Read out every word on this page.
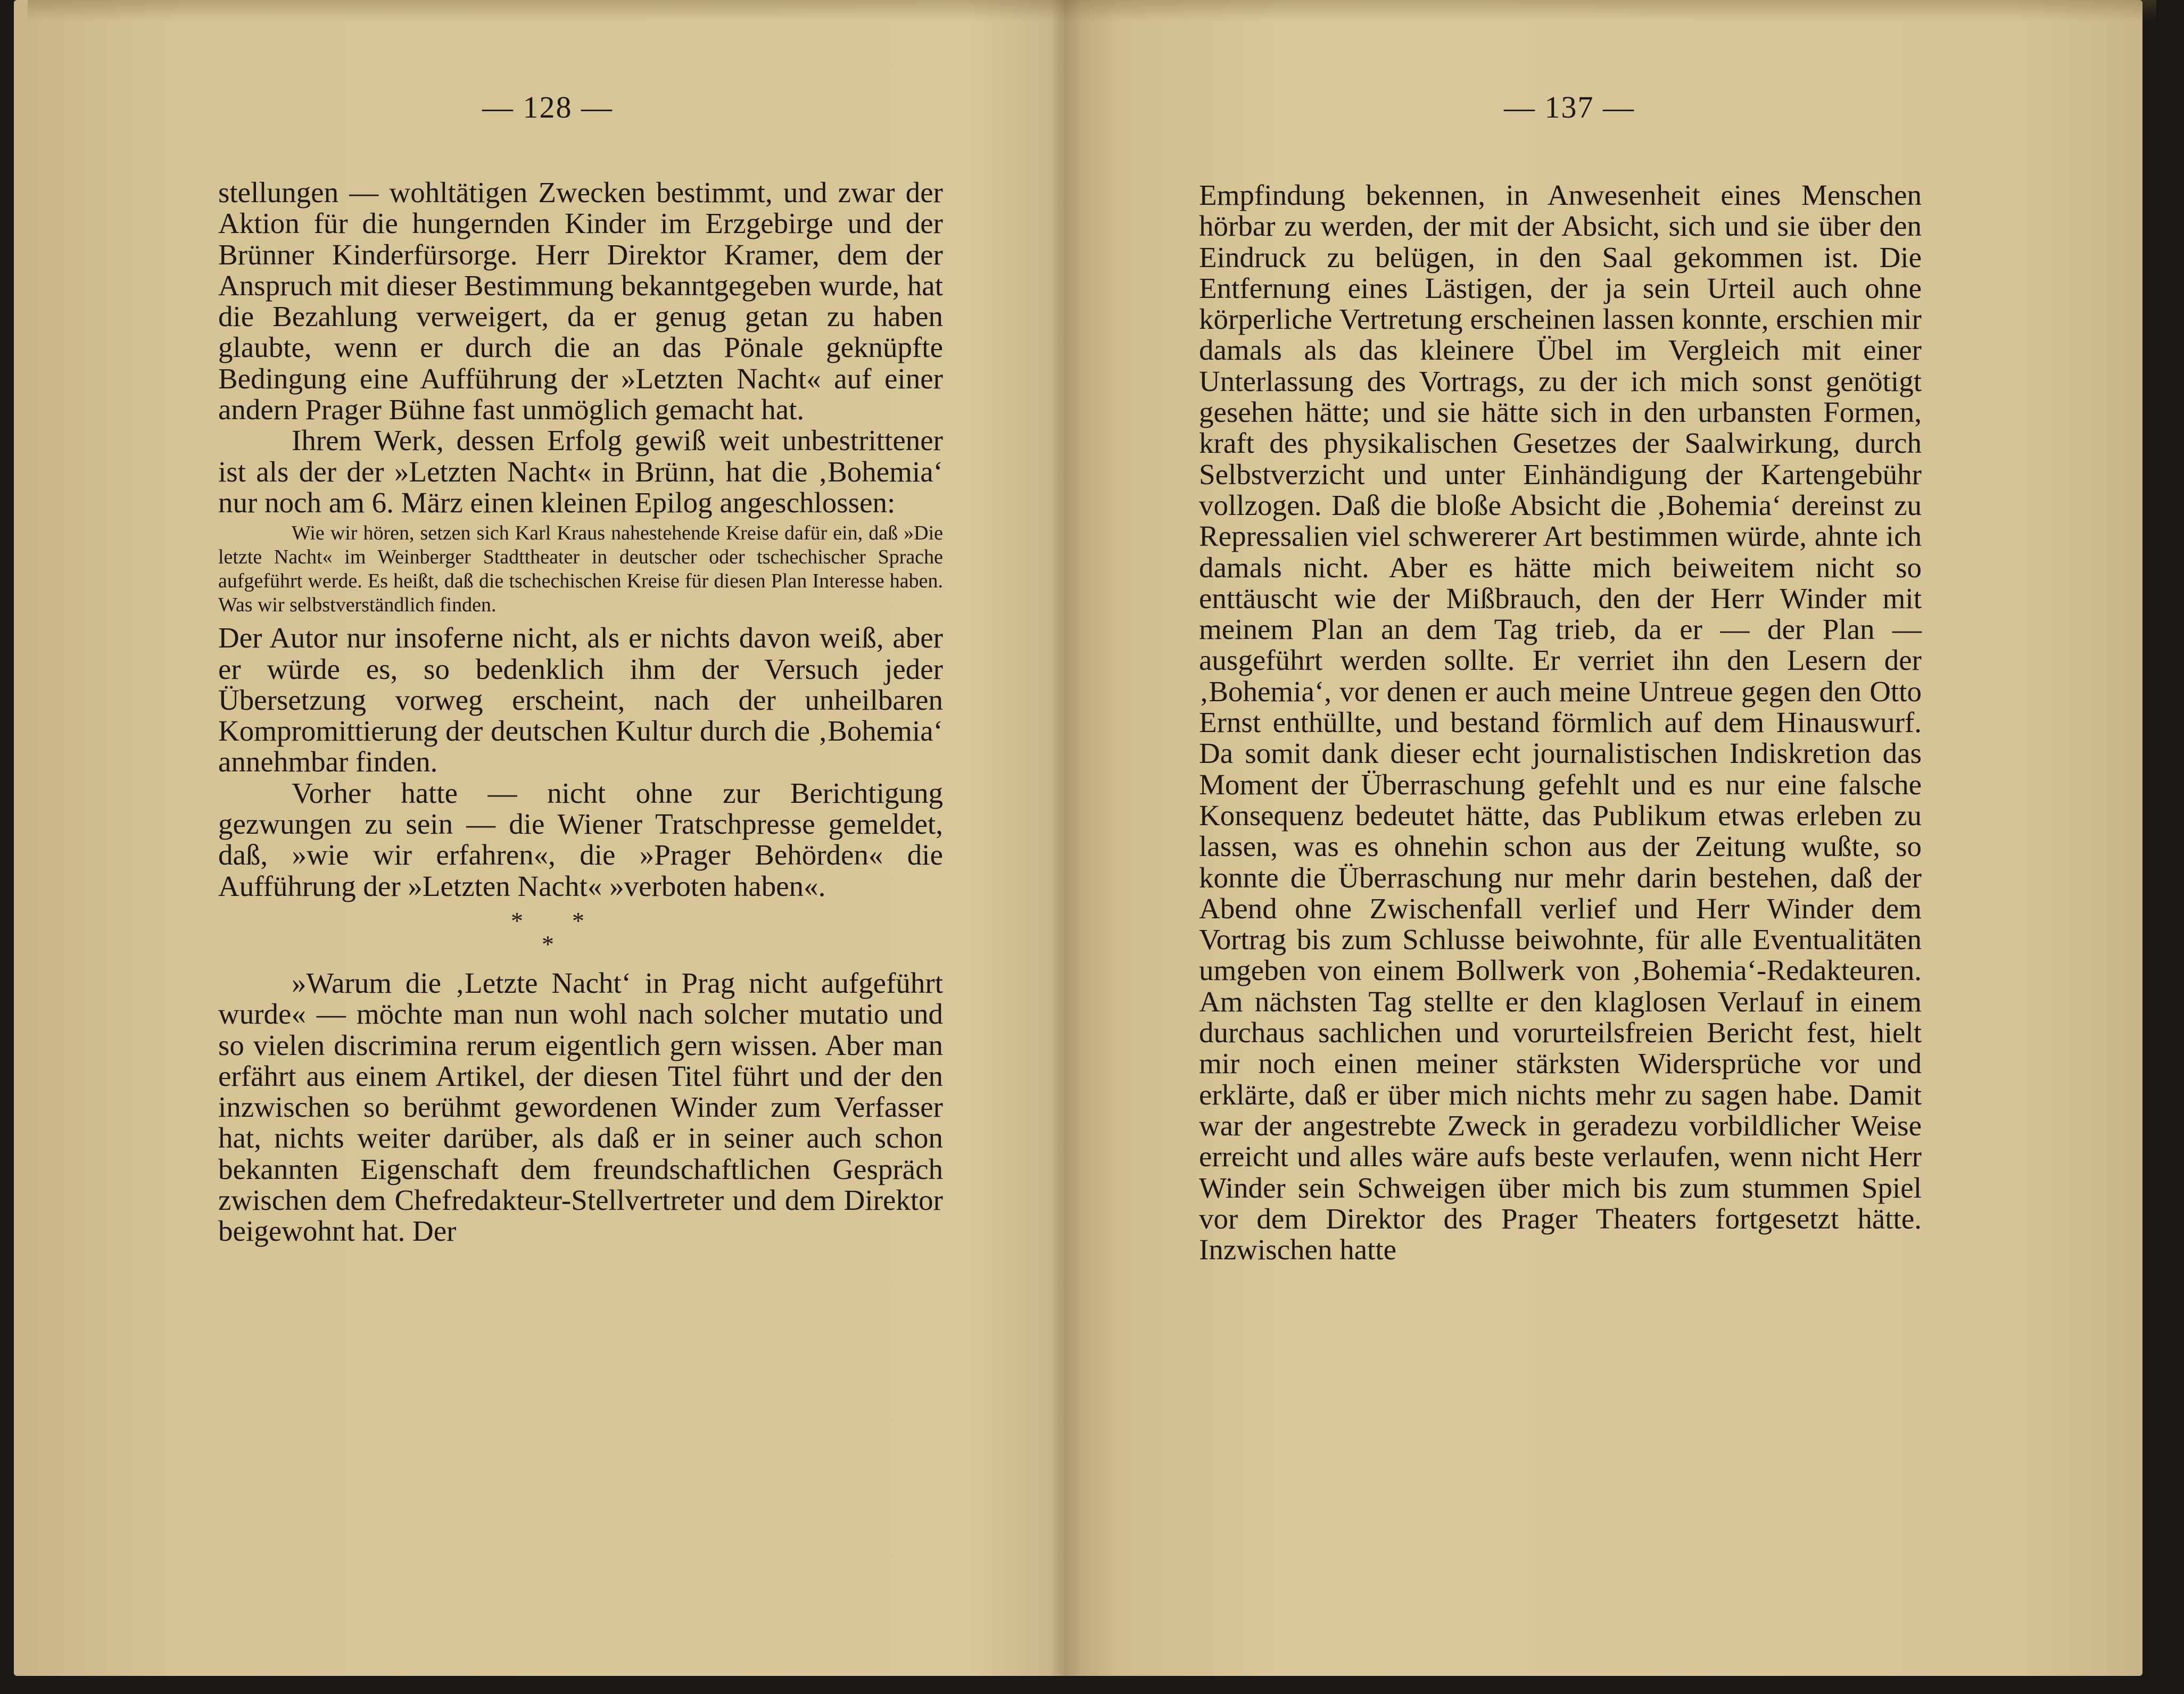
— 128 —

stellungen — wohltätigen Zwecken bestimmt, und zwar der Aktion für die hungernden Kinder im Erzgebirge und der Brünner Kinderfürsorge. Herr Direktor Kramer, dem der Anspruch mit dieser Bestimmung bekanntgegeben wurde, hat die Bezahlung verweigert, da er genug getan zu haben glaubte, wenn er durch die an das Pönale geknüpfte Bedingung eine Aufführung der »Letzten Nacht« auf einer andern Prager Bühne fast unmöglich gemacht hat.

Ihrem Werk, dessen Erfolg gewiß weit unbestrittener ist als der der »Letzten Nacht« in Brünn, hat die ‚Bohemia‘ nur noch am 6. März einen kleinen Epilog angeschlossen:

Wie wir hören, setzen sich Karl Kraus nahestehende Kreise dafür ein, daß »Die letzte Nacht« im Weinberger Stadttheater in deutscher oder tschechischer Sprache aufgeführt werde. Es heißt, daß die tschechischen Kreise für diesen Plan Interesse haben. Was wir selbstverständlich finden.

Der Autor nur insoferne nicht, als er nichts davon weiß, aber er würde es, so bedenklich ihm der Versuch jeder Übersetzung vorweg erscheint, nach der unheilbaren Kompromittierung der deutschen Kultur durch die ‚Bohemia‘ annehmbar finden.

Vorher hatte — nicht ohne zur Berichtigung gezwungen zu sein — die Wiener Tratschpresse gemeldet, daß, »wie wir erfahren«, die »Prager Behörden« die Aufführung der »Letzten Nacht« »verboten haben«.

* *
*

»Warum die ‚Letzte Nacht‘ in Prag nicht aufgeführt wurde« — möchte man nun wohl nach solcher mutatio und so vielen discrimina rerum eigentlich gern wissen. Aber man erfährt aus einem Artikel, der diesen Titel führt und der den inzwischen so berühmt gewordenen Winder zum Verfasser hat, nichts weiter darüber, als daß er in seiner auch schon bekannten Eigenschaft dem freundschaftlichen Gespräch zwischen dem Chefredakteur-Stellvertreter und dem Direktor beigewohnt hat. Der

— 137 —

Empfindung bekennen, in Anwesenheit eines Menschen hörbar zu werden, der mit der Absicht, sich und sie über den Eindruck zu belügen, in den Saal gekommen ist. Die Entfernung eines Lästigen, der ja sein Urteil auch ohne körperliche Vertretung erscheinen lassen konnte, erschien mir damals als das kleinere Übel im Vergleich mit einer Unterlassung des Vortrags, zu der ich mich sonst genötigt gesehen hätte; und sie hätte sich in den urbansten Formen, kraft des physikalischen Gesetzes der Saalwirkung, durch Selbstverzicht und unter Einhändigung der Kartengebühr vollzogen. Daß die bloße Absicht die ‚Bohemia‘ dereinst zu Repressalien viel schwererer Art bestimmen würde, ahnte ich damals nicht. Aber es hätte mich beiweitem nicht so enttäuscht wie der Mißbrauch, den der Herr Winder mit meinem Plan an dem Tag trieb, da er — der Plan — ausgeführt werden sollte. Er verriet ihn den Lesern der ‚Bohemia‘, vor denen er auch meine Untreue gegen den Otto Ernst enthüllte, und bestand förmlich auf dem Hinauswurf. Da somit dank dieser echt journalistischen Indiskretion das Moment der Überraschung gefehlt und es nur eine falsche Konsequenz bedeutet hätte, das Publikum etwas erleben zu lassen, was es ohnehin schon aus der Zeitung wußte, so konnte die Überraschung nur mehr darin bestehen, daß der Abend ohne Zwischenfall verlief und Herr Winder dem Vortrag bis zum Schlusse beiwohnte, für alle Eventualitäten umgeben von einem Bollwerk von ‚Bohemia‘-Redakteuren. Am nächsten Tag stellte er den klaglosen Verlauf in einem durchaus sachlichen und vorurteilsfreien Bericht fest, hielt mir noch einen meiner stärksten Widersprüche vor und erklärte, daß er über mich nichts mehr zu sagen habe. Damit war der angestrebte Zweck in geradezu vorbildlicher Weise erreicht und alles wäre aufs beste verlaufen, wenn nicht Herr Winder sein Schweigen über mich bis zum stummen Spiel vor dem Direktor des Prager Theaters fortgesetzt hätte. Inzwischen hatte
